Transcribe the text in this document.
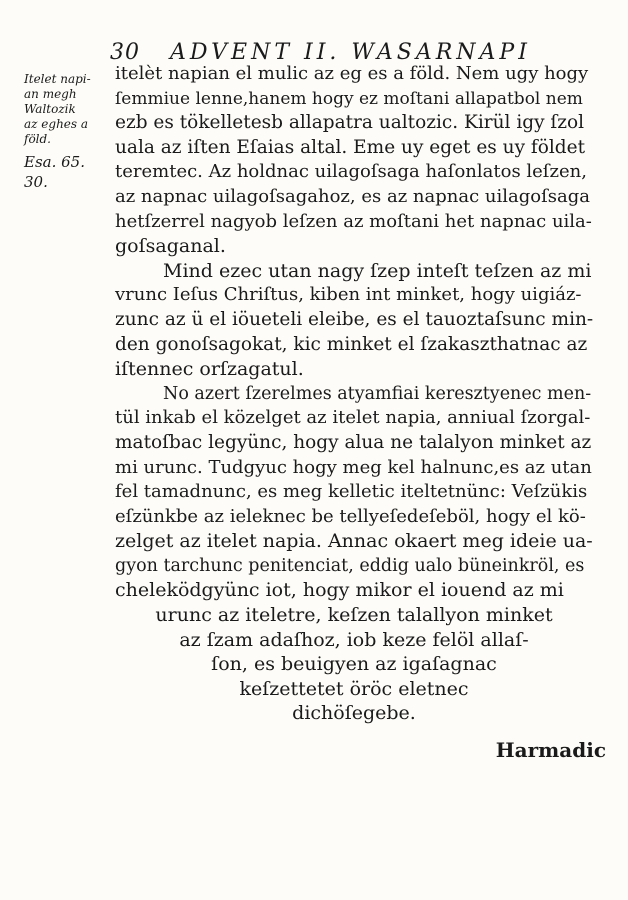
30 ADVENT II. WASARNAPI
Itelet napi-
an megh
Waltozik
az eghes a
föld.
Esa. 65.
30.
itelèt napian el mulic az eg es a föld. Nem ugy hogy
ſemmiue lenne,hanem hogy ez moſtani allapatbol nem
ezb es tökelletesb allapatra ualtozic. Kirül igy ſzol
uala az iſten Eſaias altal. Eme uy eget es uy földet
teremtec. Az holdnac uilagoſsaga haſonlatos leſzen,
az napnac uilagoſsagahoz, es az napnac uilagoſsaga
hetſzerrel nagyob leſzen az moſtani het napnac uila-
goſsaganal.
Mind ezec utan nagy ſzep inteſt teſzen az mi
vrunc Ieſus Chriſtus, kiben int minket, hogy uigiáz-
zunc az ü el iöueteli eleibe, es el tauoztaſsunc min-
den gonoſsagokat, kic minket el ſzakaszthatnac az
iſtennec orſzagatul.
No azert ſzerelmes atyamfiai keresztyenec men-
tül inkab el közelget az itelet napia, anniual ſzorgal-
matoſbac legyünc, hogy alua ne talalyon minket az
mi urunc. Tudgyuc hogy meg kel halnunc,es az utan
fel tamadnunc, es meg kelletic iteltetnünc: Veſzükis
eſzünkbe az ieleknec be tellyeſedeſeböl, hogy el kö-
zelget az itelet napia. Annac okaert meg ideie ua-
gyon tarchunc penitenciat, eddig ualo büneinkröl, es
cheleködgyünc iot, hogy mikor el iouend az mi
urunc az iteletre, keſzen talallyon minket
az ſzam adaſhoz, iob keze felöl allaſ-
ſon, es beuigyen az igaſagnac
keſzettetet öröc eletnec
dichöſegebe.
Harmadic
